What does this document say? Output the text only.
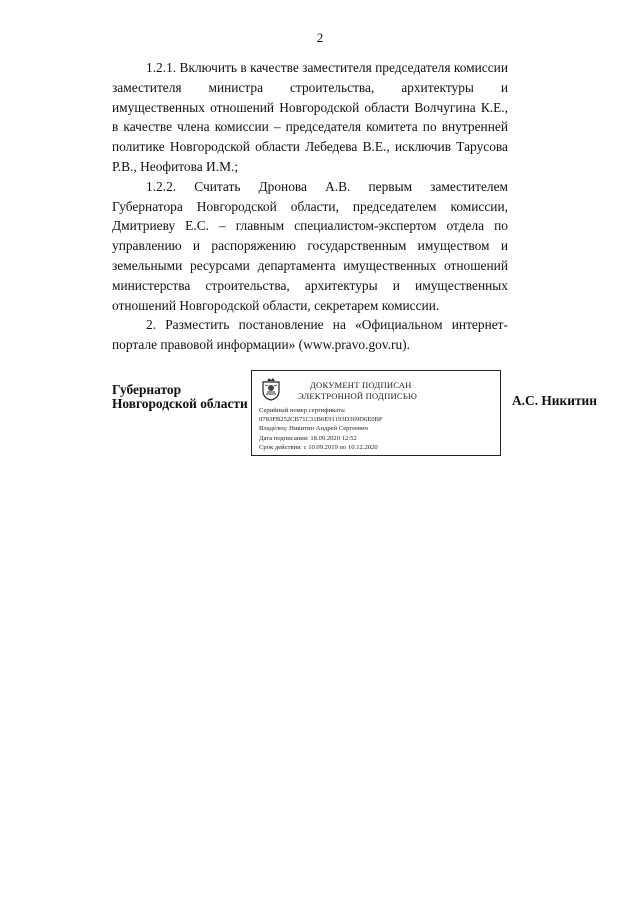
2

1.2.1. Включить в качестве заместителя председателя комиссии заместителя министра строительства, архитектуры и имущественных отношений Новгородской области Волчугина К.Е., в качестве члена комиссии – председателя комитета по внутренней политике Новгородской области Лебедева В.Е., исключив Тарусова Р.В., Неофитова И.М.;

1.2.2. Считать Дронова А.В. первым заместителем Губернатора Новгородской области, председателем комиссии, Дмитриеву Е.С. – главным специалистом-экспертом отдела по управлению и распоряжению государственным имуществом и земельными ресурсами департамента имущественных отношений министерства строительства, архитектуры и имущественных отношений Новгородской области, секретарем комиссии.

2. Разместить постановление на «Официальном интернет-портале правовой информации» (www.pravo.gov.ru).

Губернатор
Новгородской области
ДОКУМЕНТ ПОДПИСАН
ЭЛЕКТРОННОЙ ПОДПИСЬЮ
Серийный номер сертификата:
0783FB252CB71C31B6E91193D369D6E0BF
Владелец: Никитин Андрей Сергеевич
Дата подписания: 18.09.2020 12:52
Срок действия: с 10.09.2019 по 10.12.2020
А.С. Никитин
